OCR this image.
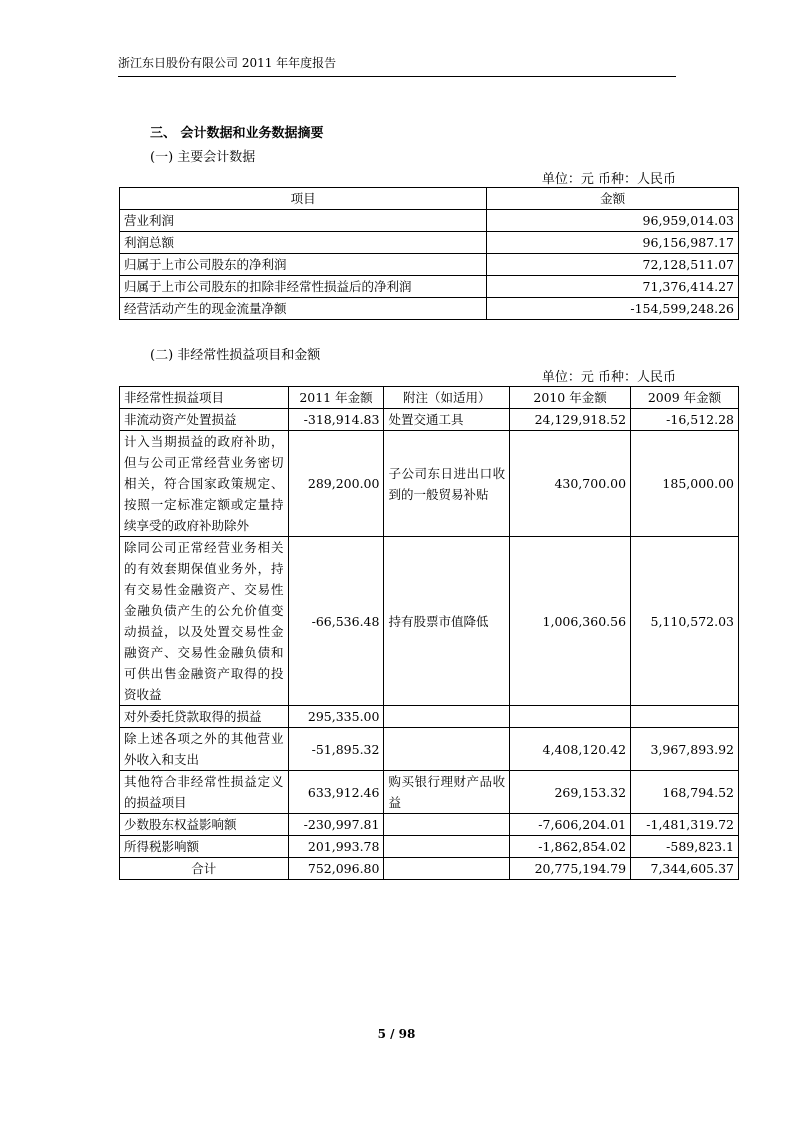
浙江东日股份有限公司 2011 年年度报告
三、 会计数据和业务数据摘要
(一) 主要会计数据
单位：元 币种：人民币
项目	金额
营业利润	96,959,014.03
利润总额	96,156,987.17
归属于上市公司股东的净利润	72,128,511.07
归属于上市公司股东的扣除非经常性损益后的净利润	71,376,414.27
经营活动产生的现金流量净额	-154,599,248.26
(二) 非经常性损益项目和金额
单位：元 币种：人民币
非经常性损益项目	2011 年金额	附注（如适用）	2010 年金额	2009 年金额
非流动资产处置损益	-318,914.83	处置交通工具	24,129,918.52	-16,512.28
计入当期损益的政府补助，但与公司正常经营业务密切相关，符合国家政策规定、按照一定标准定额或定量持续享受的政府补助除外	289,200.00	子公司东日进出口收到的一般贸易补贴	430,700.00	185,000.00
除同公司正常经营业务相关的有效套期保值业务外，持有交易性金融资产、交易性金融负债产生的公允价值变动损益，以及处置交易性金融资产、交易性金融负债和可供出售金融资产取得的投资收益	-66,536.48	持有股票市值降低	1,006,360.56	5,110,572.03
对外委托贷款取得的损益	295,335.00			
除上述各项之外的其他营业外收入和支出	-51,895.32		4,408,120.42	3,967,893.92
其他符合非经常性损益定义的损益项目	633,912.46	购买银行理财产品收益	269,153.32	168,794.52
少数股东权益影响额	-230,997.81		-7,606,204.01	-1,481,319.72
所得税影响额	201,993.78		-1,862,854.02	-589,823.1
合计	752,096.80		20,775,194.79	7,344,605.37
5 / 98
